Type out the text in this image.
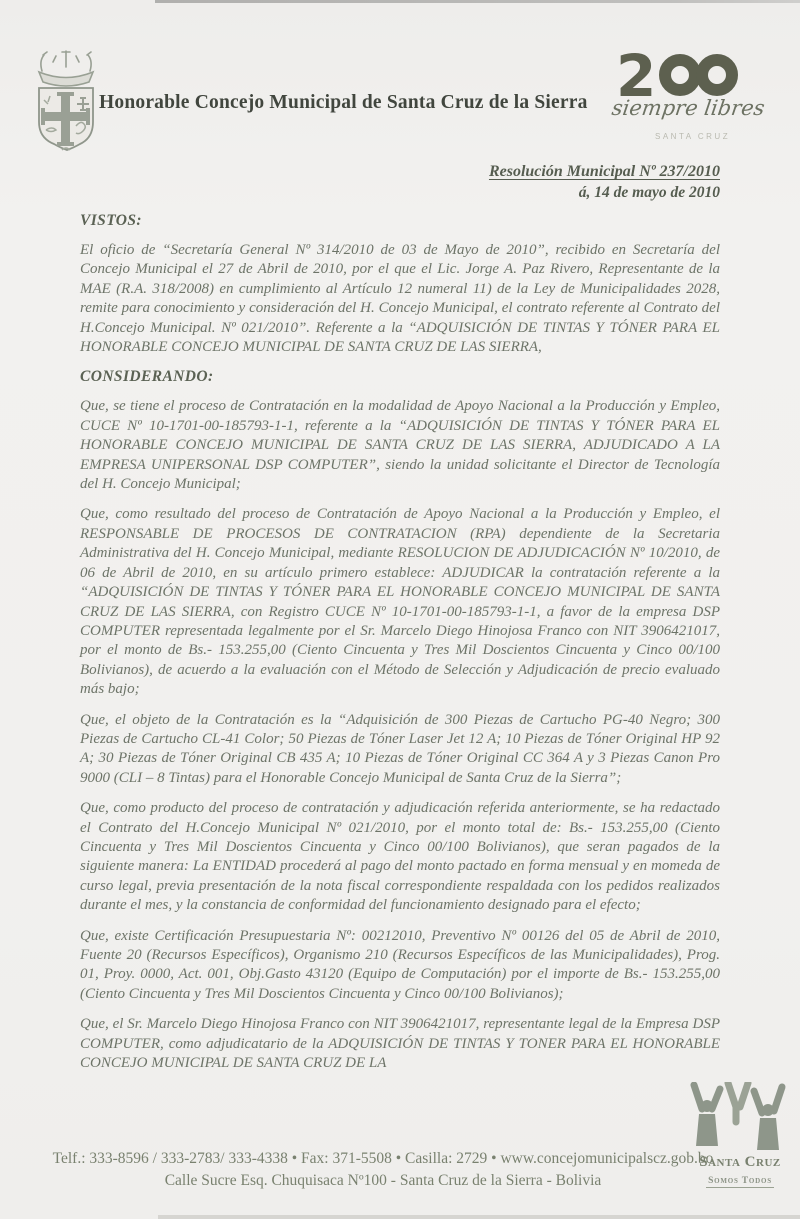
Honorable Concejo Municipal de Santa Cruz de la Sierra 2
siempre libres
SANTA CRUZ
Resolución Municipal Nº 237/2010
á, 14 de mayo de 2010

VISTOS:

El oficio de “Secretaría General Nº 314/2010 de 03 de Mayo de 2010”, recibido en Secretaría del Concejo Municipal el 27 de Abril de 2010, por el que el Lic. Jorge A. Paz Rivero, Representante de la MAE (R.A. 318/2008) en cumplimiento al Artículo 12 numeral 11) de la Ley de Municipalidades 2028, remite para conocimiento y consideración del H. Concejo Municipal, el contrato referente al Contrato del H.Concejo Municipal. Nº 021/2010”. Referente a la “ADQUISICIÓN DE TINTAS Y TÓNER PARA EL HONORABLE CONCEJO MUNICIPAL DE SANTA CRUZ DE LAS SIERRA,

CONSIDERANDO:

Que, se tiene el proceso de Contratación en la modalidad de Apoyo Nacional a la Producción y Empleo, CUCE Nº 10-1701-00-185793-1-1, referente a la “ADQUISICIÓN DE TINTAS Y TÓNER PARA EL HONORABLE CONCEJO MUNICIPAL DE SANTA CRUZ DE LAS SIERRA, ADJUDICADO A LA EMPRESA UNIPERSONAL DSP COMPUTER”, siendo la unidad solicitante el Director de Tecnología del H. Concejo Municipal;

Que, como resultado del proceso de Contratación de Apoyo Nacional a la Producción y Empleo, el RESPONSABLE DE PROCESOS DE CONTRATACION (RPA) dependiente de la Secretaria Administrativa del H. Concejo Municipal, mediante RESOLUCION DE ADJUDICACIÓN Nº 10/2010, de 06 de Abril de 2010, en su artículo primero establece: ADJUDICAR la contratación referente a la “ADQUISICIÓN DE TINTAS Y TÓNER PARA EL HONORABLE CONCEJO MUNICIPAL DE SANTA CRUZ DE LAS SIERRA, con Registro CUCE Nº 10-1701-00-185793-1-1, a favor de la empresa DSP COMPUTER representada legalmente por el Sr. Marcelo Diego Hinojosa Franco con NIT 3906421017, por el monto de Bs.- 153.255,00 (Ciento Cincuenta y Tres Mil Doscientos Cincuenta y Cinco 00/100 Bolivianos), de acuerdo a la evaluación con el Método de Selección y Adjudicación de precio evaluado más bajo;

Que, el objeto de la Contratación es la “Adquisición de 300 Piezas de Cartucho PG-40 Negro; 300 Piezas de Cartucho CL-41 Color; 50 Piezas de Tóner Laser Jet 12 A; 10 Piezas de Tóner Original HP 92 A; 30 Piezas de Tóner Original CB 435 A; 10 Piezas de Tóner Original CC 364 A y 3 Piezas Canon Pro 9000 (CLI – 8 Tintas) para el Honorable Concejo Municipal de Santa Cruz de la Sierra”;

Que, como producto del proceso de contratación y adjudicación referida anteriormente, se ha redactado el Contrato del H.Concejo Municipal Nº 021/2010, por el monto total de: Bs.- 153.255,00 (Ciento Cincuenta y Tres Mil Doscientos Cincuenta y Cinco 00/100 Bolivianos), que seran pagados de la siguiente manera: La ENTIDAD procederá al pago del monto pactado en forma mensual y en momeda de curso legal, previa presentación de la nota fiscal correspondiente respaldada con los pedidos realizados durante el mes, y la constancia de conformidad del funcionamiento designado para el efecto;

Que, existe Certificación Presupuestaria Nº: 00212010, Preventivo Nº 00126 del 05 de Abril de 2010, Fuente 20 (Recursos Específicos), Organismo 210 (Recursos Específicos de las Municipalidades), Prog. 01, Proy. 0000, Act. 001, Obj.Gasto 43120 (Equipo de Computación) por el importe de Bs.- 153.255,00 (Ciento Cincuenta y Tres Mil Doscientos Cincuenta y Cinco 00/100 Bolivianos);

Que, el Sr. Marcelo Diego Hinojosa Franco con NIT 3906421017, representante legal de la Empresa DSP COMPUTER, como adjudicatario de la ADQUISICIÓN DE TINTAS Y TONER PARA EL HONORABLE CONCEJO MUNICIPAL DE SANTA CRUZ DE LA

Santa Cruz
Somos Todos
Telf.: 333-8596 / 333-2783/ 333-4338 • Fax: 371-5508 • Casilla: 2729 • www.concejomunicipalscz.gob.bo
Calle Sucre Esq. Chuquisaca Nº100 - Santa Cruz de la Sierra - Bolivia
